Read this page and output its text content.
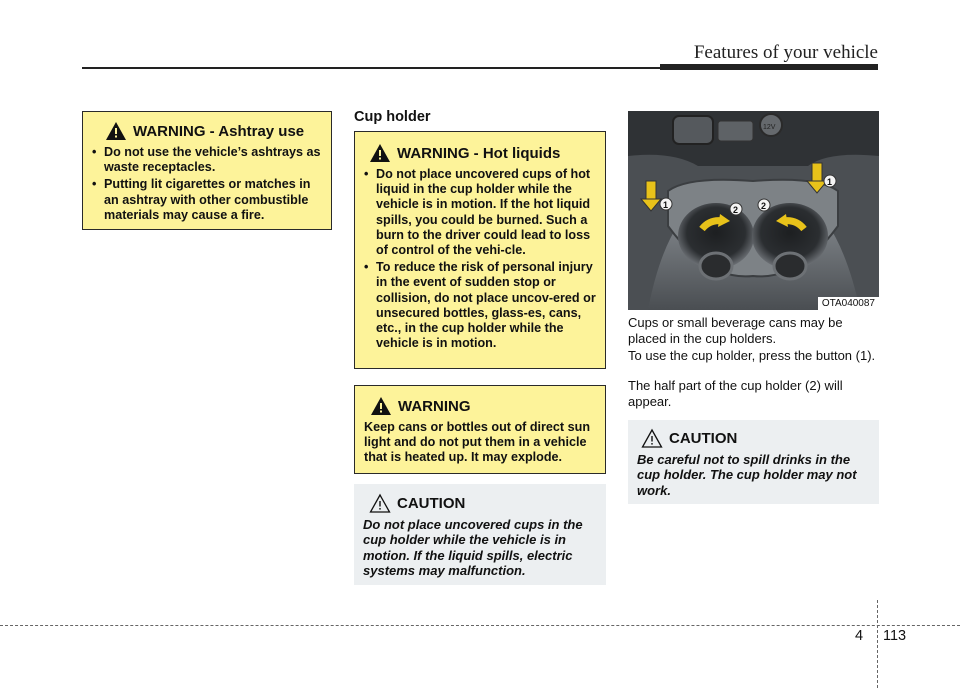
Features of your vehicle
WARNING
- Ashtray use
• Do not use the vehicle’s ashtrays as waste receptacles.
• Putting lit cigarettes or matches in an ashtray with other combustible materials may cause a fire.
Cup holder
WARNING
- Hot liquids
• Do not place uncovered cups of hot liquid in the cup holder while the vehicle is in motion. If the hot liquid spills, you could be burned. Such a burn to the driver could lead to loss of control of the vehi-cle.
• To reduce the risk of personal injury in the event of sudden stop or collision, do not place uncov-ered or unsecured bottles, glass-es, cans, etc., in the cup holder while the vehicle is in motion.
WARNING
Keep cans or bottles out of direct sun light and do not put them in a vehicle that is heated up. It may explode.
CAUTION
Do not place uncovered cups in the cup holder while the vehicle is in motion. If the liquid spills, electric systems may malfunction.
12V
1
1
2	2
OTA040087
Cups or small beverage cans may be placed in the cup holders.
To use the cup holder, press the button (1).
The half part of the cup holder (2) will appear.
CAUTION
Be careful not to spill drinks in the cup holder. The cup holder may not work.
4 113
